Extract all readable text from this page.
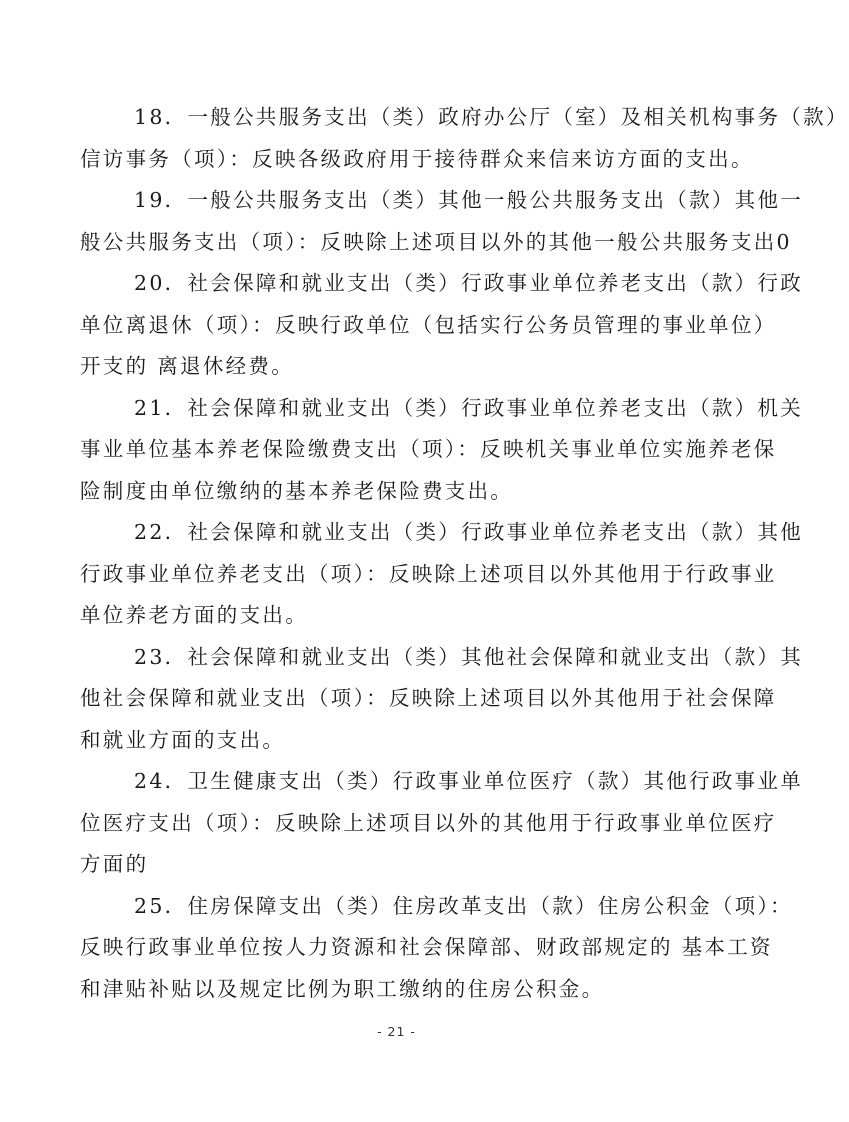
18．一般公共服务支出（类）政府办公厅（室）及相关机构事务（款）
信访事务（项）：反映各级政府用于接待群众来信来访方面的支出。

19．一般公共服务支出（类）其他一般公共服务支出（款）其他一
般公共服务支出（项）：反映除上述项目以外的其他一般公共服务支出0

20．社会保障和就业支出（类）行政事业单位养老支出（款）行政
单位离退休（项）：反映行政单位（包括实行公务员管理的事业单位）
开支的 离退休经费。

21．社会保障和就业支出（类）行政事业单位养老支出（款）机关
事业单位基本养老保险缴费支出（项）：反映机关事业单位实施养老保
险制度由单位缴纳的基本养老保险费支出。

22．社会保障和就业支出（类）行政事业单位养老支出（款）其他
行政事业单位养老支出（项）：反映除上述项目以外其他用于行政事业
单位养老方面的支出。

23．社会保障和就业支出（类）其他社会保障和就业支出（款）其
他社会保障和就业支出（项）：反映除上述项目以外其他用于社会保障
和就业方面的支出。

24．卫生健康支出（类）行政事业单位医疗（款）其他行政事业单
位医疗支出（项）：反映除上述项目以外的其他用于行政事业单位医疗
方面的

25．住房保障支出（类）住房改革支出（款）住房公积金（项）：
反映行政事业单位按人力资源和社会保障部、财政部规定的 基本工资
和津贴补贴以及规定比例为职工缴纳的住房公积金。

- 21 -
